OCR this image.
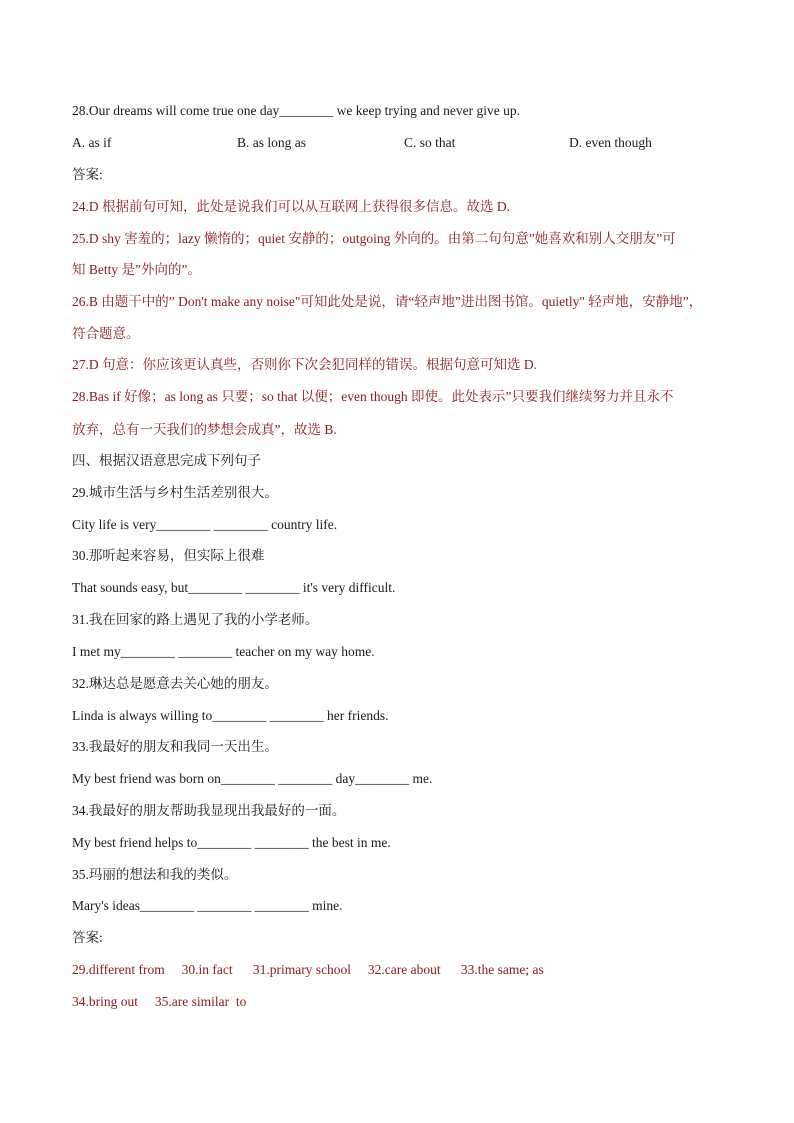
28.Our dreams will come true one day________ we keep trying and never give up.
A. as if	B. as long as	C. so that	D. even though
答案:
24.D 根据前句可知，此处是说我们可以从互联网上获得很多信息。故选 D.
25.D shy 害羞的；lazy 懒惰的；quiet 安静的；outgoing 外向的。由第二句句意”她喜欢和别人交朋友”可
知 Betty 是”外向的”。
26.B 由题干中的” Don't make any noise"可知此处是说，请“轻声地”进出图书馆。quietly" 轻声地，安静地”，
符合题意。
27.D 句意：你应该更认真些，否则你下次会犯同样的错误。根据句意可知选 D.
28.Bas if 好像；as long as 只要；so that 以便；even though 即使。此处表示”只要我们继续努力并且永不
放弃，总有一天我们的梦想会成真”，故选 B.
四、根据汉语意思完成下列句子
29.城市生活与乡村生活差别很大。
City life is very________ ________ country life.
30.那听起来容易，但实际上很难
That sounds easy, but________ ________ it's very difficult.
31.我在回家的路上遇见了我的小学老师。
I met my________ ________ teacher on my way home.
32.琳达总是愿意去关心她的朋友。
Linda is always willing to________ ________ her friends.
33.我最好的朋友和我同一天出生。
My best friend was born on________ ________ day________ me.
34.我最好的朋友帮助我显现出我最好的一面。
My best friend helps to________ ________ the best in me.
35.玛丽的想法和我的类似。
Mary's ideas________ ________ ________ mine.
答案:
29.different from     30.in fact      31.primary school     32.care about      33.the same; as
34.bring out     35.are similar  to
